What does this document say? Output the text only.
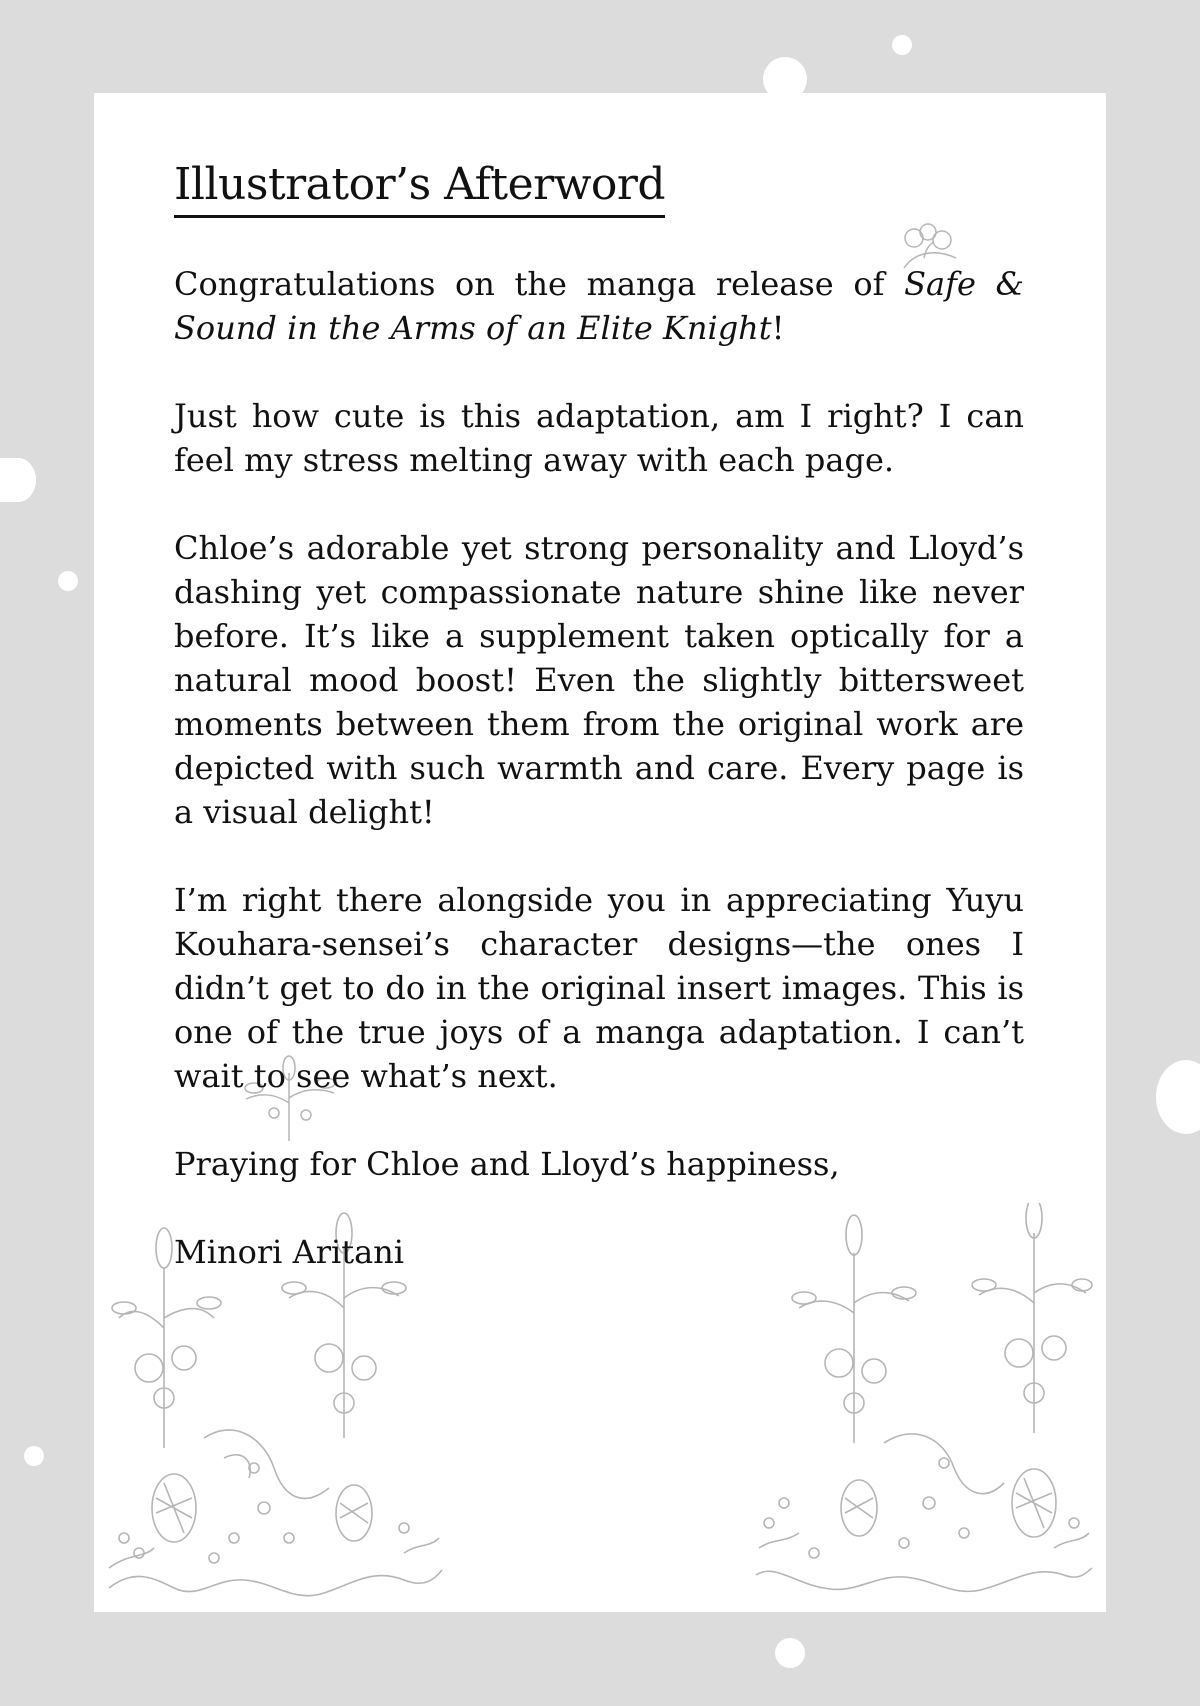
Illustrator’s Afterword

Congratulations on the manga release of Safe & Sound in the Arms of an Elite Knight!

Just how cute is this adaptation, am I right? I can feel my stress melting away with each page.

Chloe’s adorable yet strong personality and Lloyd’s dashing yet compassionate nature shine like never before. It’s like a supplement taken optically for a natural mood boost! Even the slightly bittersweet moments between them from the original work are depicted with such warmth and care. Every page is a visual delight!

I’m right there alongside you in appreciating Yuyu Kouhara-sensei’s character designs—the ones I didn’t get to do in the original insert images. This is one of the true joys of a manga adaptation. I can’t wait to see what’s next.

Praying for Chloe and Lloyd’s happiness,

Minori Aritani
